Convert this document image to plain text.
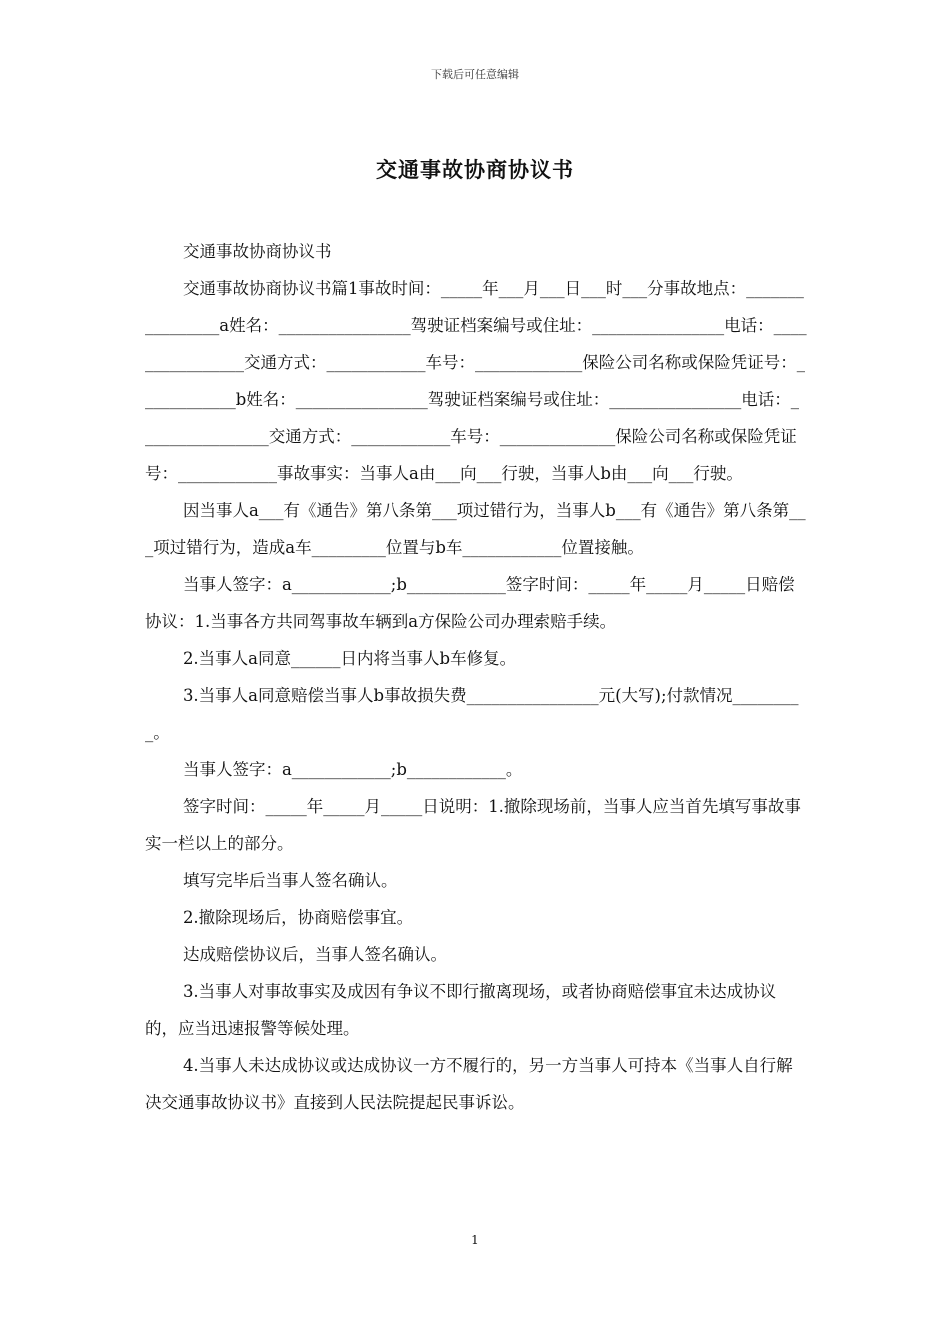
下载后可任意编辑
交通事故协商协议书

交通事故协商协议书

交通事故协商协议书篇1事故时间：_____年___月___日___时___分事故地点：________________a姓名：________________驾驶证档案编号或住址：________________电话：________________交通方式：____________车号：_____________保险公司名称或保险凭证号：____________b姓名：________________驾驶证档案编号或住址：________________电话：________________交通方式：____________车号：______________保险公司名称或保险凭证号：____________事故事实：当事人a由___向___行驶，当事人b由___向___行驶。

因当事人a___有《通告》第八条第___项过错行为，当事人b___有《通告》第八条第___项过错行为，造成a车_________位置与b车____________位置接触。

当事人签字：a____________;b____________签字时间：_____年_____月_____日赔偿协议：1.当事各方共同驾事故车辆到a方保险公司办理索赔手续。

2.当事人a同意______日内将当事人b车修复。

3.当事人a同意赔偿当事人b事故损失费________________元(大写);付款情况_________。

当事人签字：a____________;b____________。

签字时间：_____年_____月_____日说明：1.撤除现场前，当事人应当首先填写事故事实一栏以上的部分。

填写完毕后当事人签名确认。

2.撤除现场后，协商赔偿事宜。

达成赔偿协议后，当事人签名确认。

3.当事人对事故事实及成因有争议不即行撤离现场，或者协商赔偿事宜未达成协议的，应当迅速报警等候处理。

4.当事人未达成协议或达成协议一方不履行的，另一方当事人可持本《当事人自行解决交通事故协议书》直接到人民法院提起民事诉讼。

1
